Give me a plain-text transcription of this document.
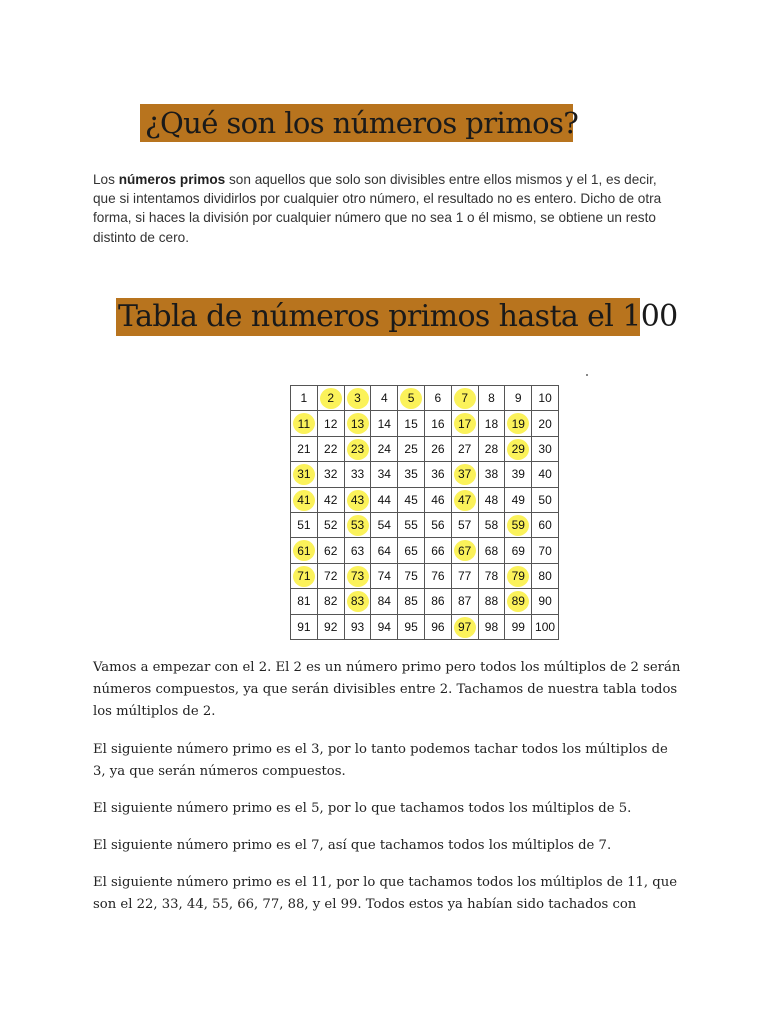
¿Qué son los números primos?

Los números primos son aquellos que solo son divisibles entre ellos mismos y el 1, es decir, que si intentamos dividirlos por cualquier otro número, el resultado no es entero. Dicho de otra forma, si haces la división por cualquier número que no sea 1 o él mismo, se obtiene un resto distinto de cero.

Tabla de números primos hasta el 100
1	2	3	4	5	6	7	8	9	10

11	12	13	14	15	16	17	18	19	20
21	22	23	24	25	26	27	28	29	30

31	32	33	34	35	36	37	38	39	40

41	42	43	44	45	46	47	48	49	50
51	52	53	54	55	56	57	58	59	60

61	62	63	64	65	66	67	68	69	70

71	72	73	74	75	76	77	78	79	80
81	82	83	84	85	86	87	88	89	90
91	92	93	94	95	96	97	98	99	100

Vamos a empezar con el 2. El 2 es un número primo pero todos los múltiplos de 2 serán números compuestos, ya que serán divisibles entre 2. Tachamos de nuestra tabla todos los múltiplos de 2.

El siguiente número primo es el 3, por lo tanto podemos tachar todos los múltiplos de 3, ya que serán números compuestos.

El siguiente número primo es el 5, por lo que tachamos todos los múltiplos de 5.

El siguiente número primo es el 7, así que tachamos todos los múltiplos de 7.

El siguiente número primo es el 11, por lo que tachamos todos los múltiplos de 11, que son el 22, 33, 44, 55, 66, 77, 88, y el 99. Todos estos ya habían sido tachados con
